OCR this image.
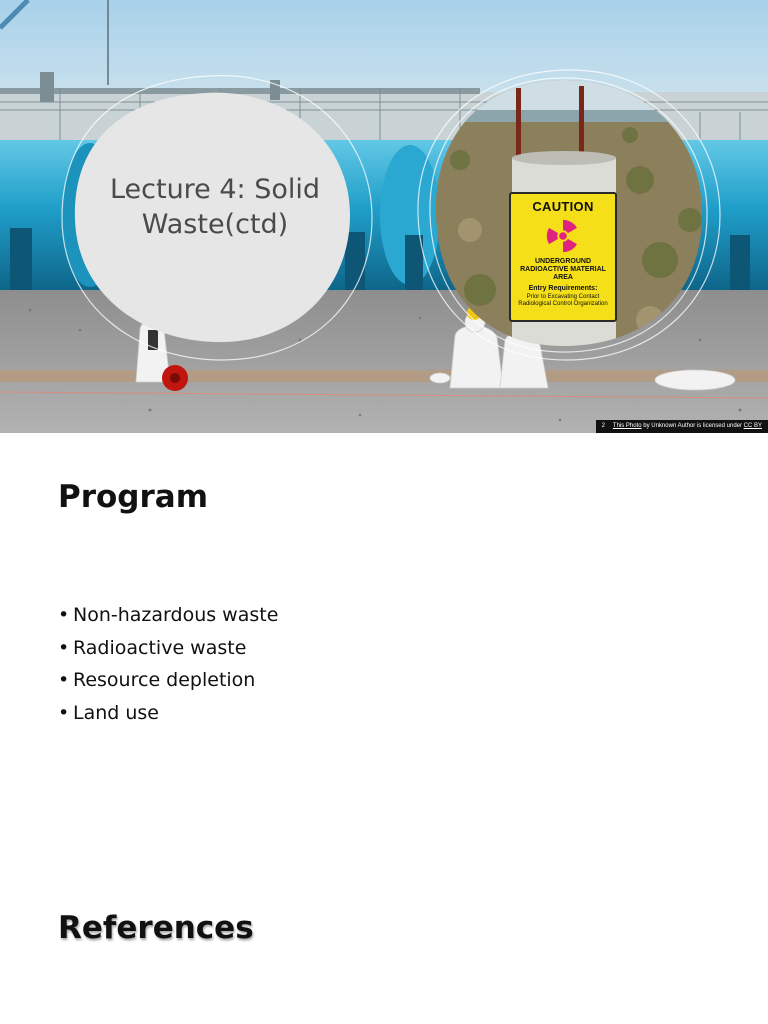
Lecture 4: Solid
Waste(ctd)
CAUTION
UNDERGROUND RADIOACTIVE MATERIAL AREA
Entry Requirements:
Prior to Excavating Contact Radiological Control Organization
2 This Photo by Unknown Author is licensed under CC BY
Program
• Non-hazardous waste
• Radioactive waste
• Resource depletion
• Land use
References
